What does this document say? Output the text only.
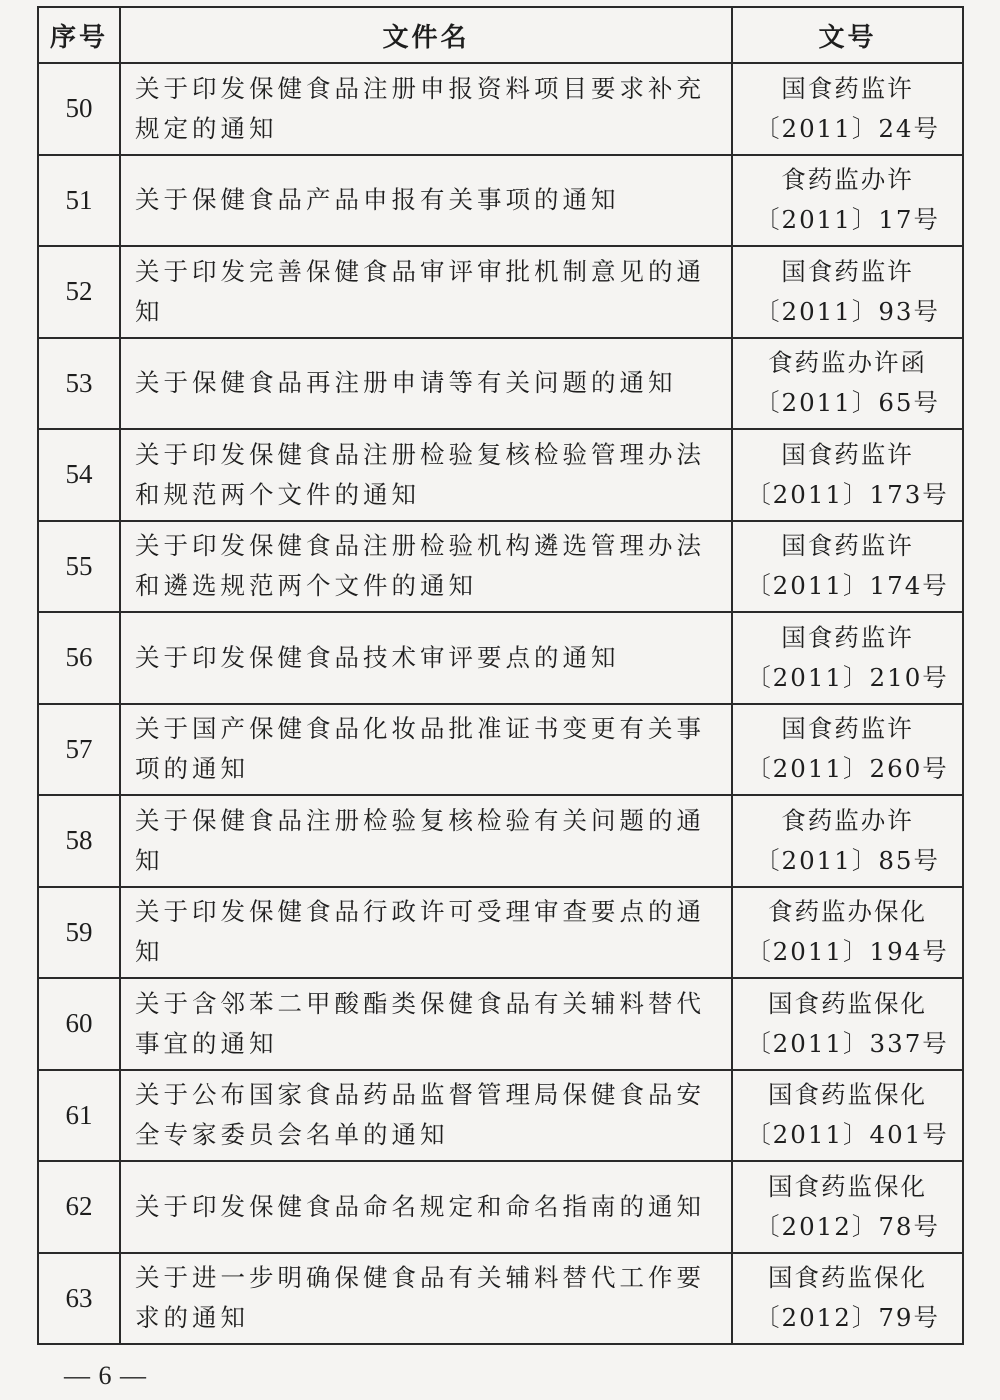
序号	文件名	文号
50	关于印发保健食品注册申报资料项目要求补充规定的通知	国食药监许
〔2011〕24号

51	关于保健食品产品申报有关事项的通知	食药监办许
〔2011〕17号

52	关于印发完善保健食品审评审批机制意见的通知	国食药监许
〔2011〕93号

53	关于保健食品再注册申请等有关问题的通知	食药监办许函
〔2011〕65号

54	关于印发保健食品注册检验复核检验管理办法和规范两个文件的通知	国食药监许
〔2011〕173号

55	关于印发保健食品注册检验机构遴选管理办法和遴选规范两个文件的通知	国食药监许
〔2011〕174号

56	关于印发保健食品技术审评要点的通知	国食药监许
〔2011〕210号

57	关于国产保健食品化妆品批准证书变更有关事项的通知	国食药监许
〔2011〕260号

58	关于保健食品注册检验复核检验有关问题的通知	食药监办许
〔2011〕85号

59	关于印发保健食品行政许可受理审查要点的通知	食药监办保化
〔2011〕194号

60	关于含邻苯二甲酸酯类保健食品有关辅料替代事宜的通知	国食药监保化
〔2011〕337号

61	关于公布国家食品药品监督管理局保健食品安全专家委员会名单的通知	国食药监保化
〔2011〕401号

62	关于印发保健食品命名规定和命名指南的通知	国食药监保化
〔2012〕78号

63	关于进一步明确保健食品有关辅料替代工作要求的通知	国食药监保化
〔2012〕79号
— 6 —
